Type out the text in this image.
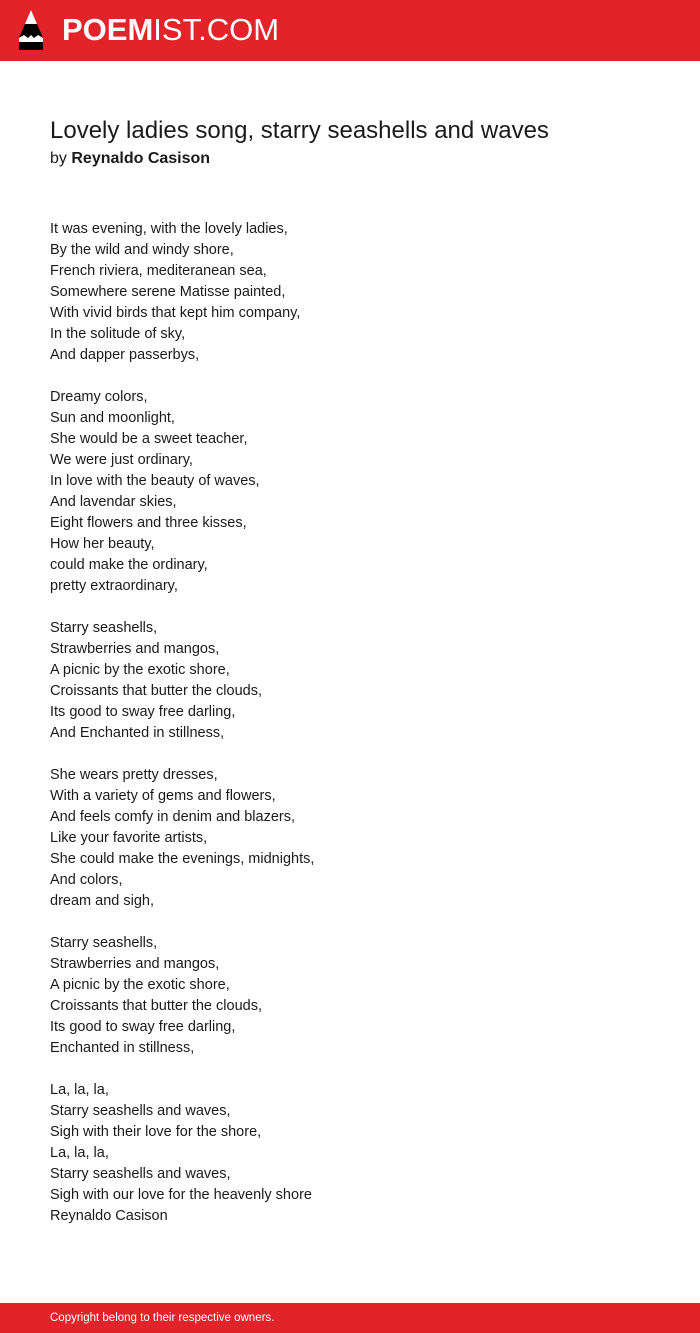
POEMIST.COM
Lovely ladies song, starry seashells and waves
by Reynaldo Casison
It was evening, with the lovely ladies,
By the wild and windy shore,
French riviera, mediteranean sea,
Somewhere serene Matisse painted,
With vivid birds that kept him company,
In the solitude of sky,
And dapper passerbys,
Dreamy colors,
Sun and moonlight,
She would be a sweet teacher,
We were just ordinary,
In love with the beauty of waves,
And lavendar skies,
Eight flowers and three kisses,
How her beauty,
could make the ordinary,
pretty extraordinary,
Starry seashells,
Strawberries and mangos,
A picnic by the exotic shore,
Croissants that butter the clouds,
Its good to sway free darling,
And Enchanted in stillness,
She wears pretty dresses,
With a variety of gems and flowers,
And feels comfy in denim and blazers,
Like your favorite artists,
She could make the evenings, midnights,
And colors,
dream and sigh,
Starry seashells,
Strawberries and mangos,
A picnic by the exotic shore,
Croissants that butter the clouds,
Its good to sway free darling,
Enchanted in stillness,
La, la, la,
Starry seashells and waves,
Sigh with their love for the shore,
La, la, la,
Starry seashells and waves,
Sigh with our love for the heavenly shore
Reynaldo Casison
Copyright belong to their respective owners.
